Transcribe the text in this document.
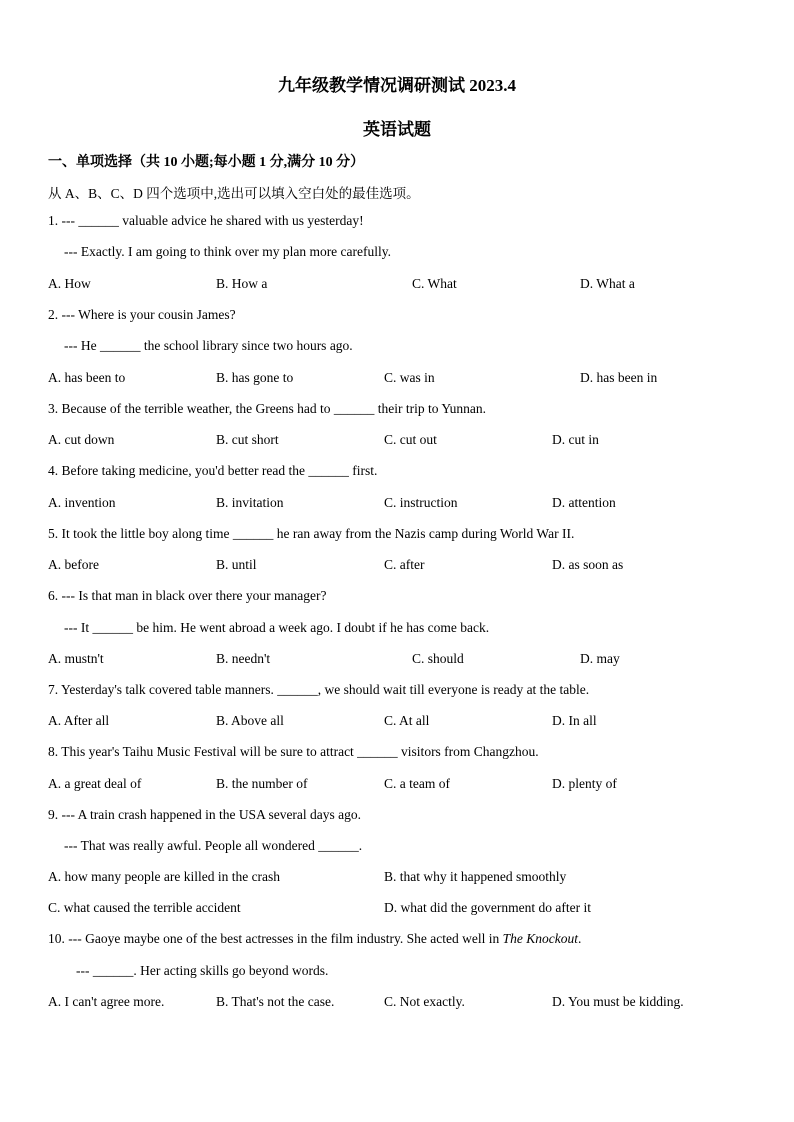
九年级教学情况调研测试 2023.4
英语试题
一、单项选择（共 10 小题;每小题 1 分,满分 10 分）
从 A、B、C、D 四个选项中,选出可以填入空白处的最佳选项。
1. --- ______ valuable advice he shared with us yesterday!
--- Exactly. I am going to think over my plan more carefully.
A. How	B. How a	C. What	D. What a
2. --- Where is your cousin James?
--- He ______ the school library since two hours ago.
A. has been to	B. has gone to	C. was in	D. has been in
3. Because of the terrible weather, the Greens had to ______ their trip to Yunnan.
A. cut down	B. cut short	C. cut out	D. cut in
4. Before taking medicine, you'd better read the ______ first.
A. invention	B. invitation	C. instruction	D. attention
5. It took the little boy along time ______ he ran away from the Nazis camp during World War II.
A. before	B. until	C. after	D. as soon as
6. --- Is that man in black over there your manager?
--- It ______ be him. He went abroad a week ago. I doubt if he has come back.
A. mustn't	B. needn't	C. should	D. may
7. Yesterday's talk covered table manners. ______, we should wait till everyone is ready at the table.
A. After all	B. Above all	C. At all	D. In all
8. This year's Taihu Music Festival will be sure to attract ______ visitors from Changzhou.
A. a great deal of	B. the number of	C. a team of	D. plenty of
9. --- A train crash happened in the USA several days ago.
--- That was really awful. People all wondered ______.
A. how many people are killed in the crash	B. that why it happened smoothly
C. what caused the terrible accident	D. what did the government do after it
10. --- Gaoye maybe one of the best actresses in the film industry. She acted well in The Knockout.
--- ______. Her acting skills go beyond words.
A. I can't agree more.	B. That's not the case.	C. Not exactly.	D. You must be kidding.
